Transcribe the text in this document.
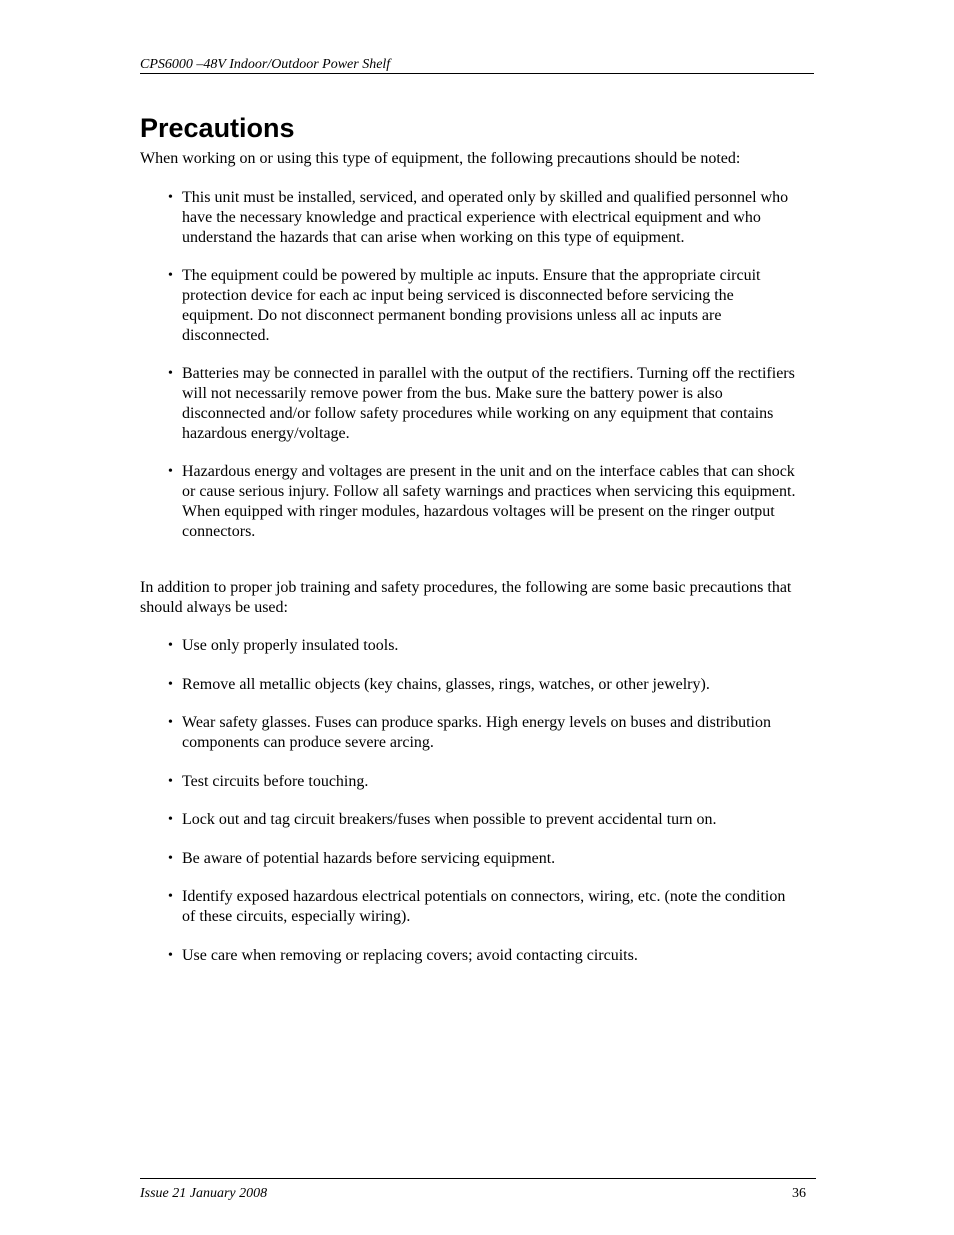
CPS6000 –48V Indoor/Outdoor Power Shelf
Precautions

When working on or using this type of equipment, the following precautions should be noted:

• This unit must be installed, serviced, and operated only by skilled and qualified personnel who have the necessary knowledge and practical experience with electrical equipment and who understand the hazards that can arise when working on this type of equipment.
• The equipment could be powered by multiple ac inputs. Ensure that the appropriate circuit protection device for each ac input being serviced is disconnected before servicing the equipment. Do not disconnect permanent bonding provisions unless all ac inputs are disconnected.
• Batteries may be connected in parallel with the output of the rectifiers. Turning off the rectifiers will not necessarily remove power from the bus. Make sure the battery power is also disconnected and/or follow safety procedures while working on any equipment that contains hazardous energy/voltage.
• Hazardous energy and voltages are present in the unit and on the interface cables that can shock or cause serious injury. Follow all safety warnings and practices when servicing this equipment. When equipped with ringer modules, hazardous voltages will be present on the ringer output connectors.

In addition to proper job training and safety procedures, the following are some basic precautions that should always be used:

• Use only properly insulated tools.
• Remove all metallic objects (key chains, glasses, rings, watches, or other jewelry).
• Wear safety glasses. Fuses can produce sparks. High energy levels on buses and distribution components can produce severe arcing.
• Test circuits before touching.
• Lock out and tag circuit breakers/fuses when possible to prevent accidental turn on.
• Be aware of potential hazards before servicing equipment.
• Identify exposed hazardous electrical potentials on connectors, wiring, etc. (note the condition of these circuits, especially wiring).
• Use care when removing or replacing covers; avoid contacting circuits.
Issue 21 January 2008	36
